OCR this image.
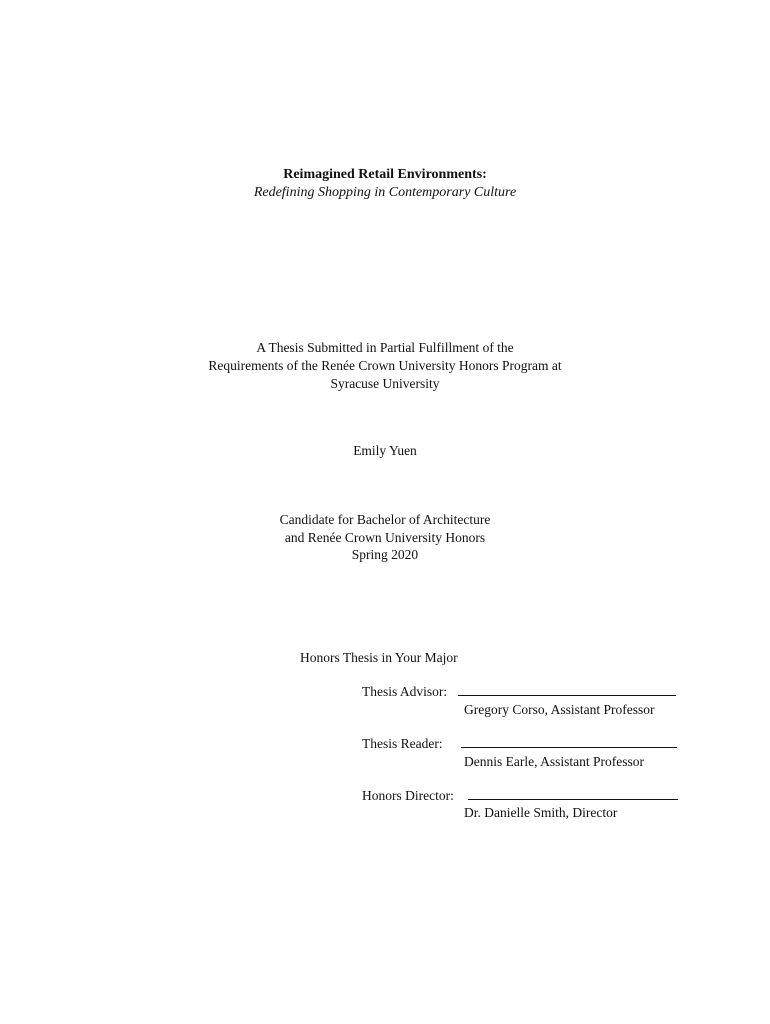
Reimagined Retail Environments:
Redefining Shopping in Contemporary Culture
A Thesis Submitted in Partial Fulfillment of the
Requirements of the Renée Crown University Honors Program at
Syracuse University
Emily Yuen
Candidate for Bachelor of Architecture
and Renée Crown University Honors
Spring 2020
Honors Thesis in Your Major
Thesis Advisor:
Gregory Corso, Assistant Professor
Thesis Reader:
Dennis Earle, Assistant Professor
Honors Director:
Dr. Danielle Smith, Director
